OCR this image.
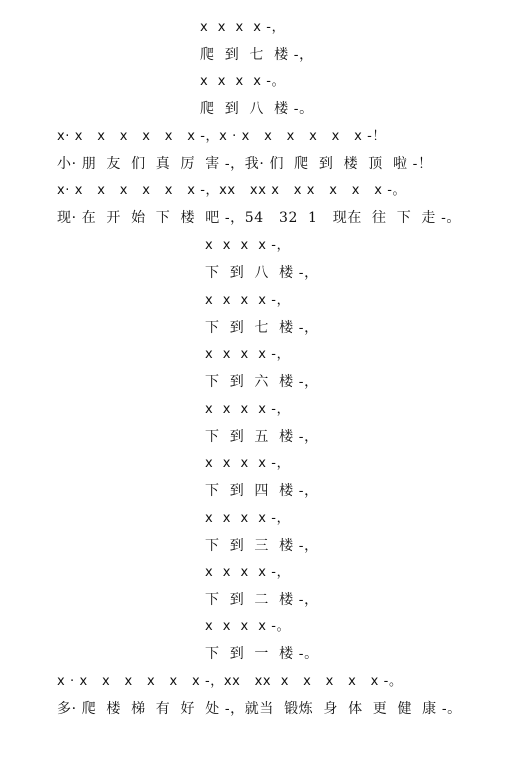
x  x  x  x -，

爬  到  七  楼 -，

x  x  x  x -。

爬  到  八  楼 -。

x· x   x   x   x   x   x -，x · x   x   x   x   x   x -！

小· 朋  友  们  真  厉  害 -，我· 们  爬  到  楼  顶  啦 -！

x· x   x   x   x   x   x -，xx   xx x   x x   x   x   x -。

现· 在  开  始  下  楼  吧 -，54   32  1   现在  往  下  走 -。

x  x  x  x -，

下  到  八  楼 -，

x  x  x  x -，

下  到  七  楼 -，

x  x  x  x -，

下  到  六  楼 -，

x  x  x  x -，

下  到  五  楼 -，

x  x  x  x -，

下  到  四  楼 -，

x  x  x  x -，

下  到  三  楼 -，

x  x  x  x -，

下  到  二  楼 -，

x  x  x  x -。

下  到  一  楼 -。

x · x   x   x   x   x   x -，xx   xx  x   x   x   x   x -。

多· 爬  楼  梯  有  好  处 -，就当  锻炼  身  体  更  健  康 -。
